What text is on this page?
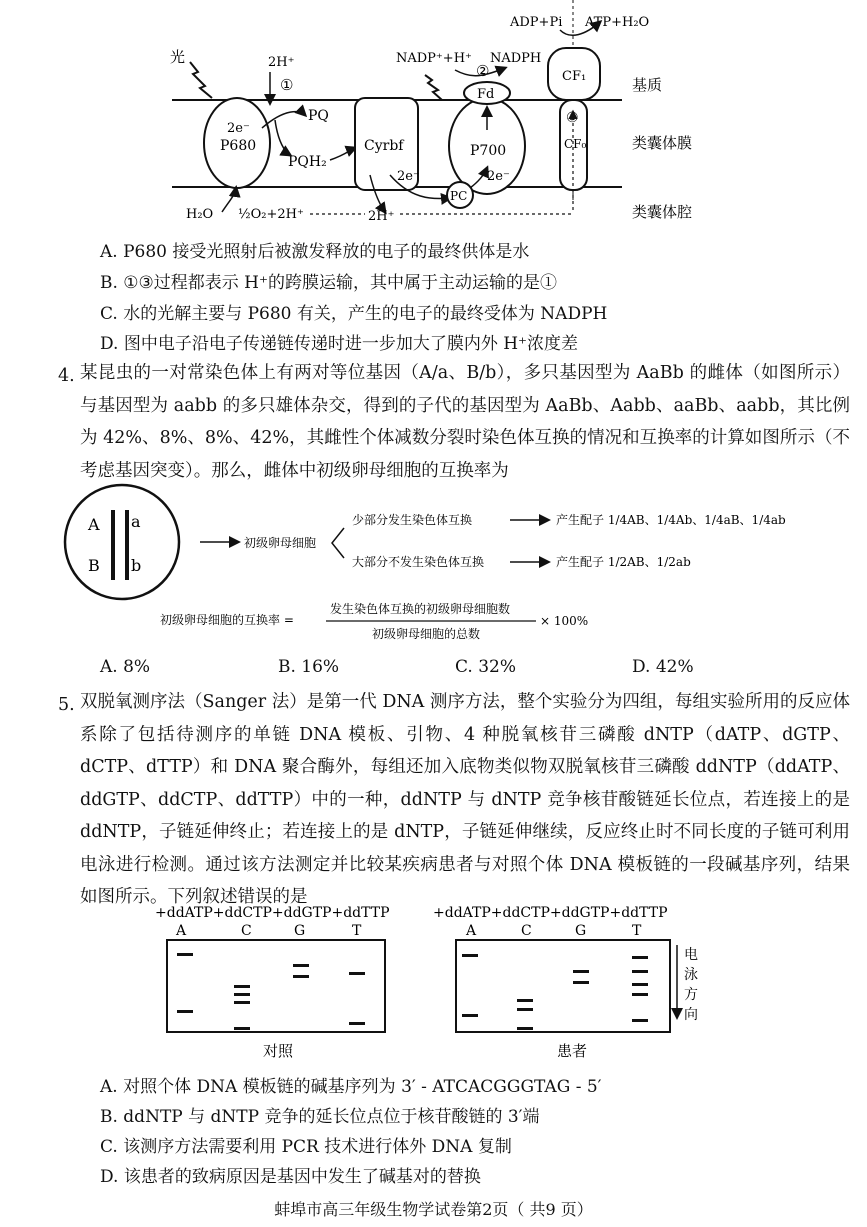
光
2e⁻
P680
2H⁺
①
PQ
PQH₂
Cyrbf
2e⁻
NADP⁺+H⁺ NADPH
②
Fd
P700
2e⁻
PC
ADP+Pi ATP+H₂O
CF₁
③
CF₀
H₂O ½O₂+2H⁺	2H⁺
基质
类囊体膜
类囊体腔
A. P680 接受光照射后被激发释放的电子的最终供体是水
B. ①③过程都表示 H⁺的跨膜运输，其中属于主动运输的是①
C. 水的光解主要与 P680 有关，产生的电子的最终受体为 NADPH
D. 图中电子沿电子传递链传递时进一步加大了膜内外 H⁺浓度差
4. 某昆虫的一对常染色体上有两对等位基因（A/a、B/b），多只基因型为 AaBb 的雌体（如图所示）与基因型为 aabb 的多只雄体杂交，得到的子代的基因型为 AaBb、Aabb、aaBb、aabb，其比例为 42%、8%、8%、42%，其雌性个体减数分裂时染色体互换的情况和互换率的计算如图所示（不考虑基因突变）。那么，雌体中初级卵母细胞的互换率为
A a
B b
初级卵母细胞
少部分发生染色体互换
大部分不发生染色体互换
产生配子 1/4AB、1/4Ab、1/4aB、1/4ab
产生配子 1/2AB、1/2ab
初级卵母细胞的互换率 =
发生染色体互换的初级卵母细胞数
初级卵母细胞的总数
× 100%
A. 8%	B. 16%	C. 32%	D. 42%
5. 双脱氧测序法（Sanger 法）是第一代 DNA 测序方法，整个实验分为四组，每组实验所用的反应体系除了包括待测序的单链 DNA 模板、引物、4 种脱氧核苷三磷酸 dNTP（dATP、dGTP、dCTP、dTTP）和 DNA 聚合酶外，每组还加入底物类似物双脱氧核苷三磷酸 ddNTP（ddATP、ddGTP、ddCTP、ddTTP）中的一种，ddNTP 与 dNTP 竞争核苷酸链延长位点，若连接上的是 ddNTP，子链延伸终止；若连接上的是 dNTP，子链延伸继续，反应终止时不同长度的子链可利用电泳进行检测。通过该方法测定并比较某疾病患者与对照个体 DNA 模板链的一段碱基序列，结果如图所示。下列叙述错误的是
+ddATP+ddCTP+ddGTP+ddTTP
A	C	G	T
对照
+ddATP+ddCTP+ddGTP+ddTTP
A	C	G	T
患者
电
泳
方
向
A. 对照个体 DNA 模板链的碱基序列为 3′ - ATCACGGGTAG - 5′
B. ddNTP 与 dNTP 竞争的延长位点位于核苷酸链的 3′端
C. 该测序方法需要利用 PCR 技术进行体外 DNA 复制
D. 该患者的致病原因是基因中发生了碱基对的替换
蚌埠市高三年级生物学试卷第2页（ 共9 页）
